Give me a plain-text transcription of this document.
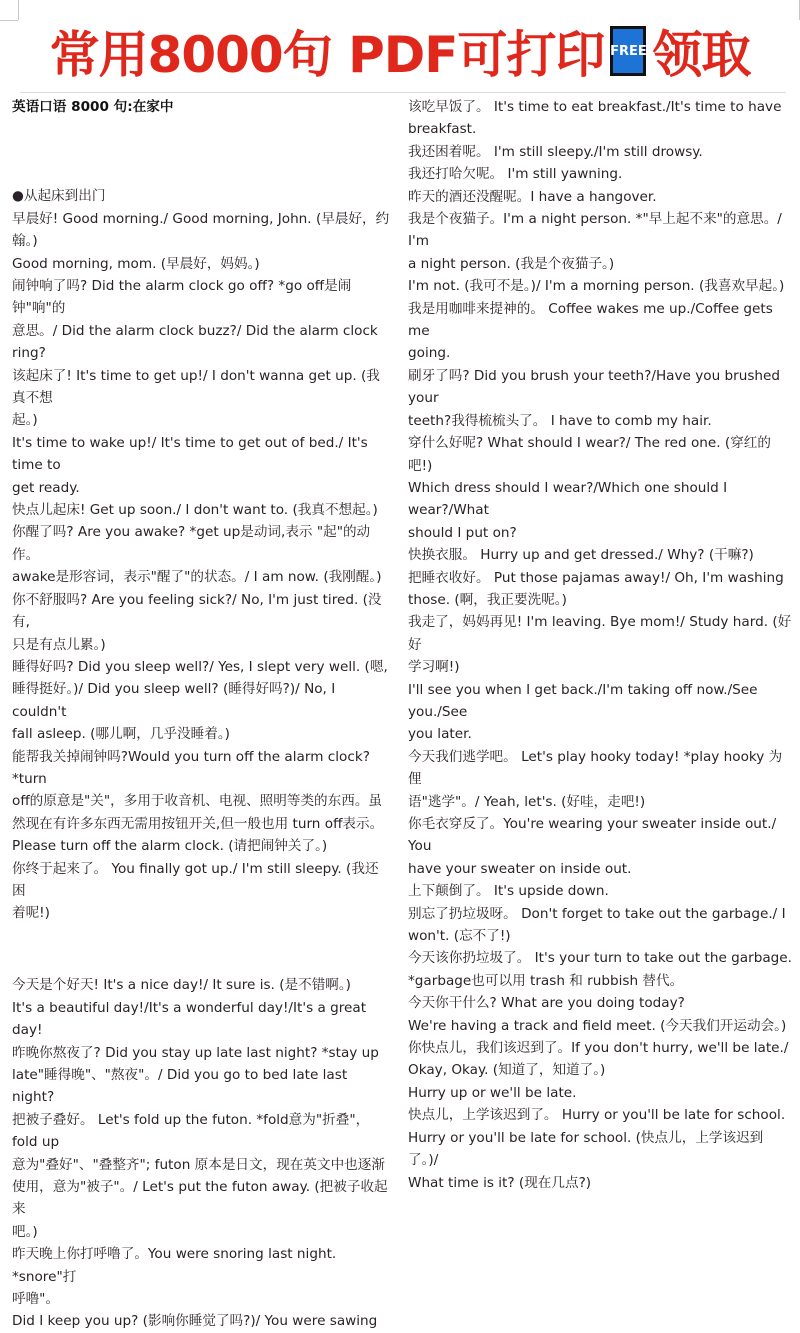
常用8000句 PDF可打印 FREE 领取

英语口语 8000 句:在家中

●从起床到出门

早晨好! Good morning./ Good morning, John. (早晨好，约翰。)

Good morning, mom. (早晨好，妈妈。)

闹钟响了吗? Did the alarm clock go off? *go off是闹钟"响"的

意思。/ Did the alarm clock buzz?/ Did the alarm clock ring?

该起床了! It's time to get up!/ I don't wanna get up. (我真不想

起。)

It's time to wake up!/ It's time to get out of bed./ It's time to

get ready.

快点儿起床! Get up soon./ I don't want to. (我真不想起。)

你醒了吗? Are you awake? *get up是动词,表示 "起"的动作。

awake是形容词，表示"醒了"的状态。/ I am now. (我刚醒。)

你不舒服吗? Are you feeling sick?/ No, I'm just tired. (没有,

只是有点儿累。)

睡得好吗? Did you sleep well?/ Yes, I slept very well. (嗯,

睡得挺好。)/ Did you sleep well? (睡得好吗?)/ No, I couldn't

fall asleep. (哪儿啊，几乎没睡着。)

能帮我关掉闹钟吗?Would you turn off the alarm clock? *turn

off的原意是"关"，多用于收音机、电视、照明等类的东西。虽

然现在有许多东西无需用按钮开关,但一般也用 turn off表示。

Please turn off the alarm clock. (请把闹钟关了。)

你终于起来了。 You finally got up./ I'm still sleepy. (我还困

着呢!)

今天是个好天! It's a nice day!/ It sure is. (是不错啊。)

It's a beautiful day!/It's a wonderful day!/It's a great day!

昨晚你熬夜了? Did you stay up late last night? *stay up

late"睡得晚"、"熬夜"。/ Did you go to bed late last night?

把被子叠好。 Let's fold up the futon. *fold意为"折叠"，fold up

意为"叠好"、"叠整齐"; futon 原本是日文，现在英文中也逐渐

使用，意为"被子"。/ Let's put the futon away. (把被子收起来

吧。)

昨天晚上你打呼噜了。You were snoring last night. *snore"打

呼噜"。

Did I keep you up? (影响你睡觉了吗?)/ You were sawing

该吃早饭了。 It's time to eat breakfast./It's time to have

breakfast.

我还困着呢。 I'm still sleepy./I'm still drowsy.

我还打哈欠呢。 I'm still yawning.

昨天的酒还没醒呢。I have a hangover.

我是个夜猫子。I'm a night person. *"早上起不来"的意思。/ I'm

a night person. (我是个夜猫子。)

I'm not. (我可不是。)/ I'm a morning person. (我喜欢早起。)

我是用咖啡来提神的。 Coffee wakes me up./Coffee gets me

going.

刷牙了吗? Did you brush your teeth?/Have you brushed your

teeth?我得梳梳头了。 I have to comb my hair.

穿什么好呢? What should I wear?/ The red one. (穿红的吧!)

Which dress should I wear?/Which one should I wear?/What

should I put on?

快换衣服。 Hurry up and get dressed./ Why? (干嘛?)

把睡衣收好。 Put those pajamas away!/ Oh, I'm washing

those. (啊，我正要洗呢。)

我走了，妈妈再见! I'm leaving. Bye mom!/ Study hard. (好好

学习啊!)

I'll see you when I get back./I'm taking off now./See you./See

you later.

今天我们逃学吧。 Let's play hooky today! *play hooky 为俚

语"逃学"。/ Yeah, let's. (好哇，走吧!)

你毛衣穿反了。You're wearing your sweater inside out./ You

have your sweater on inside out.

上下颠倒了。 It's upside down.

别忘了扔垃圾呀。 Don't forget to take out the garbage./ I

won't. (忘不了!)

今天该你扔垃圾了。 It's your turn to take out the garbage.

*garbage也可以用 trash 和 rubbish 替代。

今天你干什么? What are you doing today?

We're having a track and field meet. (今天我们开运动会。)

你快点儿，我们该迟到了。If you don't hurry, we'll be late./

Okay, Okay. (知道了，知道了。)

Hurry up or we'll be late.

快点儿，上学该迟到了。 Hurry or you'll be late for school.

Hurry or you'll be late for school. (快点儿，上学该迟到了。)/

What time is it? (现在几点?)
